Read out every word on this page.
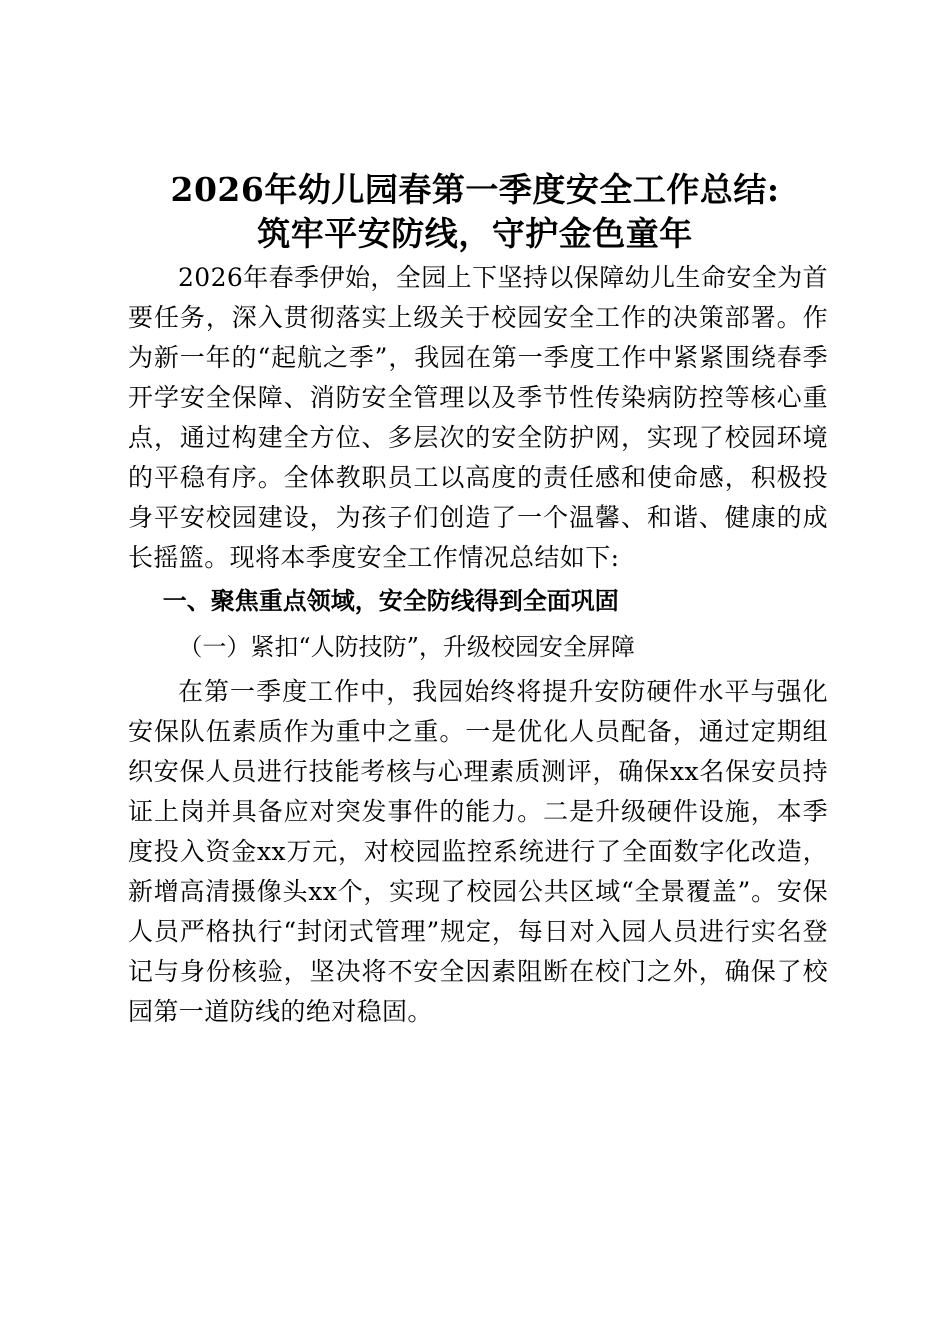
2026年幼儿园春第一季度安全工作总结:

筑牢平安防线，守护金色童年

2026年春季伊始，全园上下坚持以保障幼儿生命安全为首要任务，深入贯彻落实上级关于校园安全工作的决策部署。作为新一年的“起航之季”，我园在第一季度工作中紧紧围绕春季开学安全保障、消防安全管理以及季节性传染病防控等核心重点，通过构建全方位、多层次的安全防护网，实现了校园环境的平稳有序。全体教职员工以高度的责任感和使命感，积极投身平安校园建设，为孩子们创造了一个温馨、和谐、健康的成长摇篮。现将本季度安全工作情况总结如下:

一、聚焦重点领域，安全防线得到全面巩固

（一）紧扣“人防技防”，升级校园安全屏障

在第一季度工作中，我园始终将提升安防硬件水平与强化安保队伍素质作为重中之重。一是优化人员配备，通过定期组织安保人员进行技能考核与心理素质测评，确保xx名保安员持证上岗并具备应对突发事件的能力。二是升级硬件设施，本季度投入资金xx万元，对校园监控系统进行了全面数字化改造，新增高清摄像头xx个，实现了校园公共区域“全景覆盖”。安保人员严格执行“封闭式管理”规定，每日对入园人员进行实名登记与身份核验，坚决将不安全因素阻断在校门之外，确保了校园第一道防线的绝对稳固。
